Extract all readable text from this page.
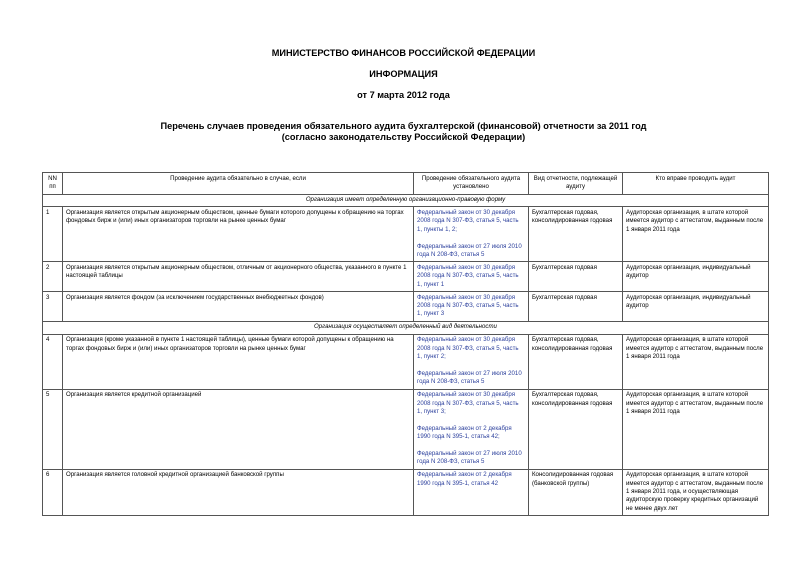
МИНИСТЕРСТВО ФИНАНСОВ РОССИЙСКОЙ ФЕДЕРАЦИИ
ИНФОРМАЦИЯ
от 7 марта 2012 года
Перечень случаев проведения обязательного аудита бухгалтерской (финансовой) отчетности за 2011 год
(согласно законодательству Российской Федерации)
NN пп	Проведение аудита обязательно в случае, если	Проведение обязательного аудита установлено	Вид отчетности, подлежащей аудиту	Кто вправе проводить аудит
Организация имеет определенную организационно-правовую форму				
1	Организация является открытым акционерным обществом, ценные бумаги которого допущены к обращению на торгах фондовых бирж и (или) иных организаторов торговли на рынке ценных бумаг	Федеральный закон от 30 декабря 2008 года N 307-ФЗ, статья 5, часть 1, пункты 1, 2;
Федеральный закон от 27 июля 2010 года N 208-ФЗ, статья 5	Бухгалтерская годовая, консолидированная годовая	Аудиторская организация, в штате которой имеется аудитор с аттестатом, выданным после 1 января 2011 года
2	Организация является открытым акционерным обществом, отличным от акционерного общества, указанного в пункте 1 настоящей таблицы	Федеральный закон от 30 декабря 2008 года N 307-ФЗ, статья 5, часть 1, пункт 1	Бухгалтерская годовая	Аудиторская организация, индивидуальный аудитор
3	Организация является фондом (за исключением государственных внебюджетных фондов)	Федеральный закон от 30 декабря 2008 года N 307-ФЗ, статья 5, часть 1, пункт 3	Бухгалтерская годовая	Аудиторская организация, индивидуальный аудитор
Организация осуществляет определенный вид деятельности				
4	Организация (кроме указанной в пункте 1 настоящей таблицы), ценные бумаги которой допущены к обращению на торгах фондовых бирж и (или) иных организаторов торговли на рынке ценных бумаг	Федеральный закон от 30 декабря 2008 года N 307-ФЗ, статья 5, часть 1, пункт 2;
Федеральный закон от 27 июля 2010 года N 208-ФЗ, статья 5	Бухгалтерская годовая, консолидированная годовая	Аудиторская организация, в штате которой имеется аудитор с аттестатом, выданным после 1 января 2011 года
5	Организация является кредитной организацией	Федеральный закон от 30 декабря 2008 года N 307-ФЗ, статья 5, часть 1, пункт 3;
Федеральный закон от 2 декабря 1990 года N 395-1, статья 42;
Федеральный закон от 27 июля 2010 года N 208-ФЗ, статья 5	Бухгалтерская годовая, консолидированная годовая	Аудиторская организация, в штате которой имеется аудитор с аттестатом, выданным после 1 января 2011 года
6	Организация является головной кредитной организацией банковской группы	Федеральный закон от 2 декабря 1990 года N 395-1, статья 42	Консолидированная годовая (банковской группы)	Аудиторская организация, в штате которой имеется аудитор с аттестатом, выданным после 1 января 2011 года, и осуществляющая аудиторскую проверку кредитных организаций не менее двух лет
